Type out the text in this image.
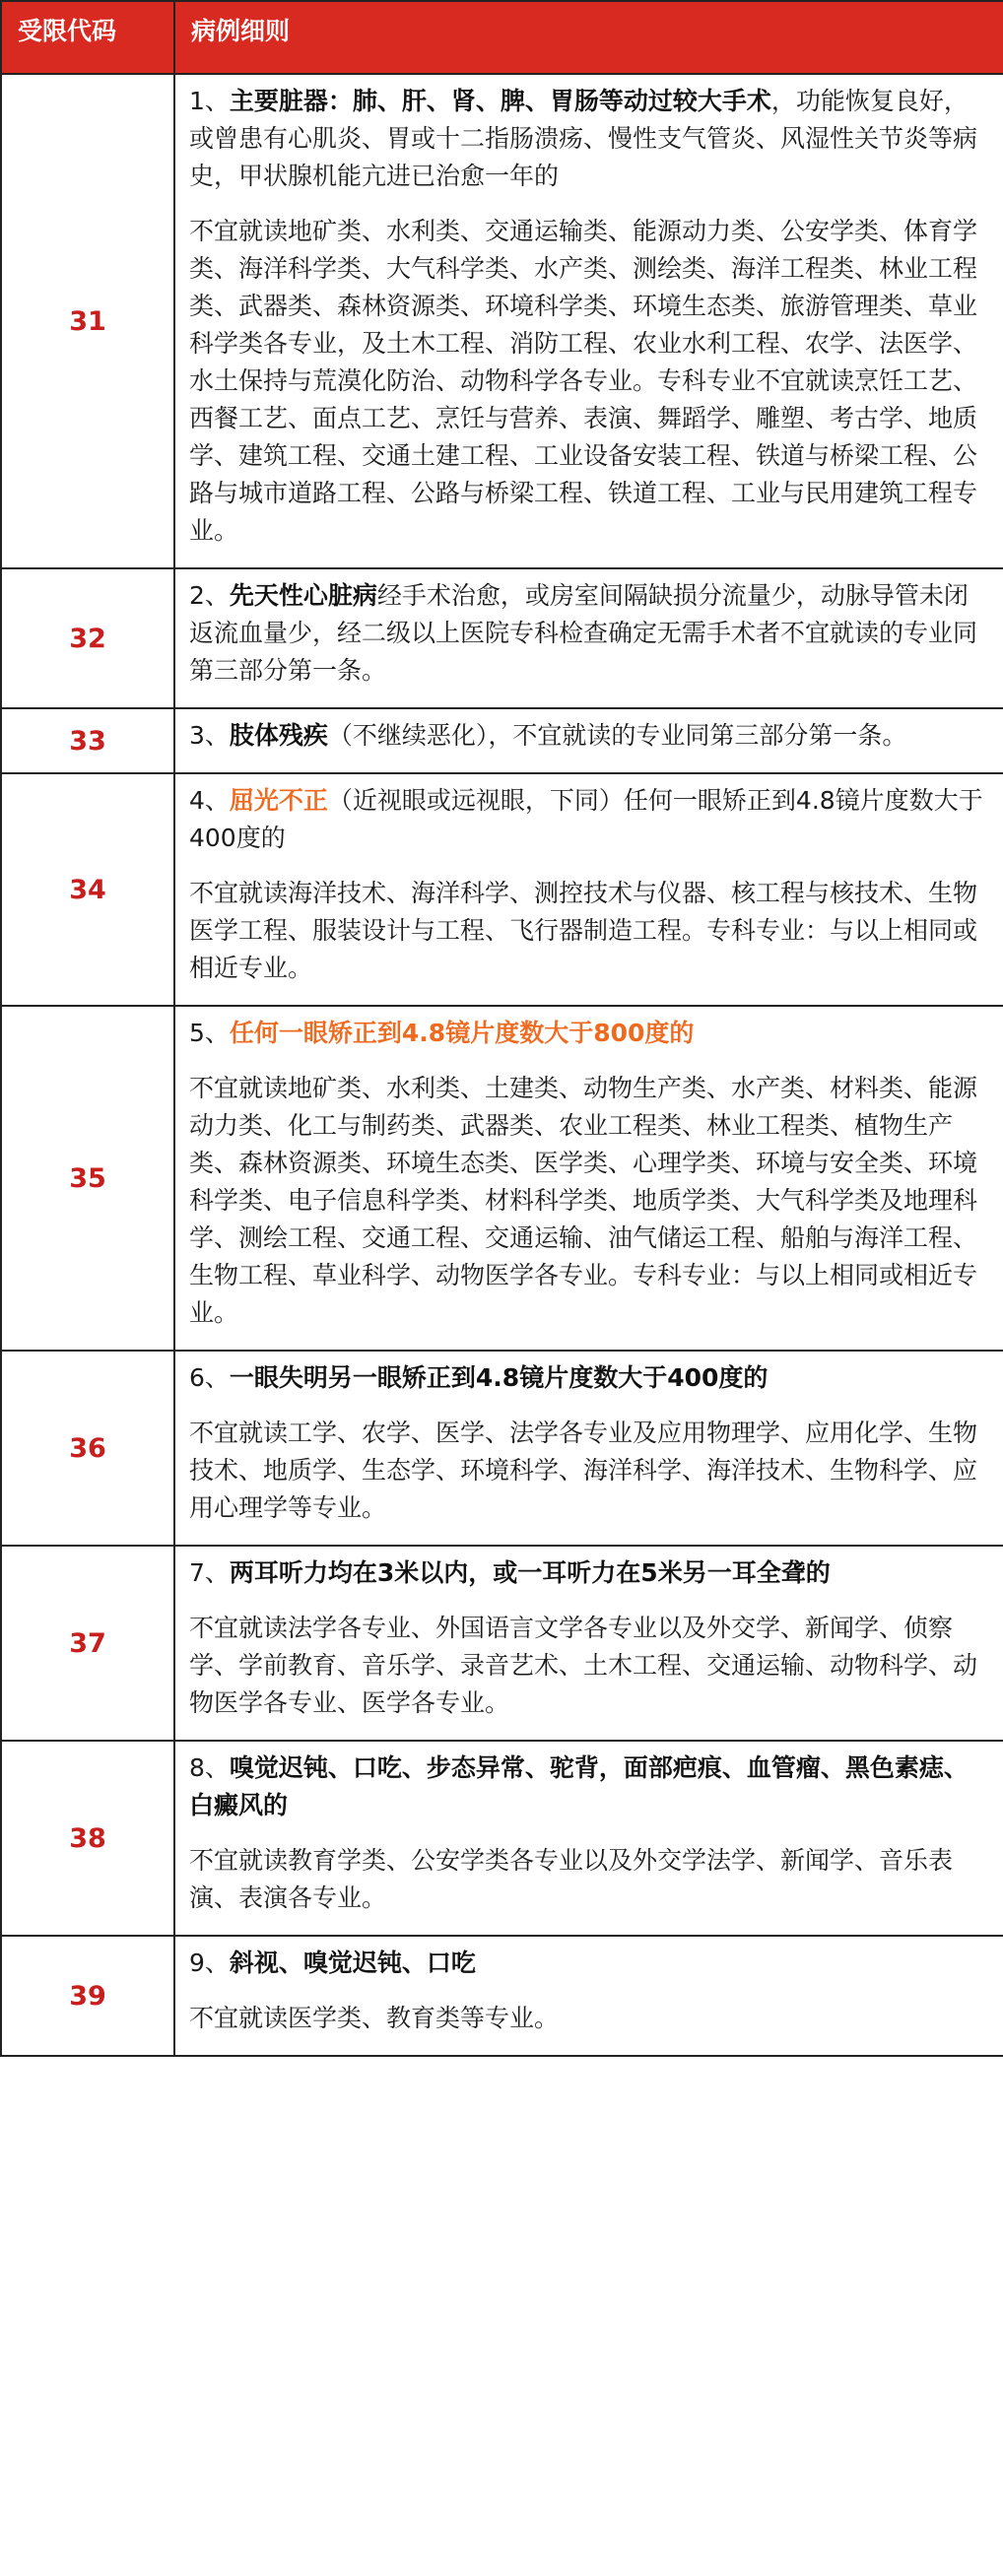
受限代码	病例细则

31	1、主要脏器：肺、肝、肾、脾、胃肠等动过较大手术，功能恢复良好，或曾患有心肌炎、胃或十二指肠溃疡、慢性支气管炎、风湿性关节炎等病史，甲状腺机能亢进已治愈一年的

不宜就读地矿类、水利类、交通运输类、能源动力类、公安学类、体育学类、海洋科学类、大气科学类、水产类、测绘类、海洋工程类、林业工程类、武器类、森林资源类、环境科学类、环境生态类、旅游管理类、草业科学类各专业，及土木工程、消防工程、农业水利工程、农学、法医学、水土保持与荒漠化防治、动物科学各专业。专科专业不宜就读烹饪工艺、西餐工艺、面点工艺、烹饪与营养、表演、舞蹈学、雕塑、考古学、地质学、建筑工程、交通土建工程、工业设备安装工程、铁道与桥梁工程、公路与城市道路工程、公路与桥梁工程、铁道工程、工业与民用建筑工程专业。

32	2、先天性心脏病经手术治愈，或房室间隔缺损分流量少，动脉导管未闭返流血量少，经二级以上医院专科检查确定无需手术者不宜就读的专业同第三部分第一条。

33	3、肢体残疾（不继续恶化），不宜就读的专业同第三部分第一条。

34	4、屈光不正（近视眼或远视眼，下同）任何一眼矫正到4.8镜片度数大于400度的

不宜就读海洋技术、海洋科学、测控技术与仪器、核工程与核技术、生物医学工程、服装设计与工程、飞行器制造工程。专科专业：与以上相同或相近专业。

35	5、任何一眼矫正到4.8镜片度数大于800度的

不宜就读地矿类、水利类、土建类、动物生产类、水产类、材料类、能源动力类、化工与制药类、武器类、农业工程类、林业工程类、植物生产类、森林资源类、环境生态类、医学类、心理学类、环境与安全类、环境科学类、电子信息科学类、材料科学类、地质学类、大气科学类及地理科学、测绘工程、交通工程、交通运输、油气储运工程、船舶与海洋工程、生物工程、草业科学、动物医学各专业。专科专业：与以上相同或相近专业。

36	6、一眼失明另一眼矫正到4.8镜片度数大于400度的

不宜就读工学、农学、医学、法学各专业及应用物理学、应用化学、生物技术、地质学、生态学、环境科学、海洋科学、海洋技术、生物科学、应用心理学等专业。

37	7、两耳听力均在3米以内，或一耳听力在5米另一耳全聋的

不宜就读法学各专业、外国语言文学各专业以及外交学、新闻学、侦察学、学前教育、音乐学、录音艺术、土木工程、交通运输、动物科学、动物医学各专业、医学各专业。

38	8、嗅觉迟钝、口吃、步态异常、驼背，面部疤痕、血管瘤、黑色素痣、白癜风的

不宜就读教育学类、公安学类各专业以及外交学法学、新闻学、音乐表演、表演各专业。

39	9、斜视、嗅觉迟钝、口吃

不宜就读医学类、教育类等专业。
